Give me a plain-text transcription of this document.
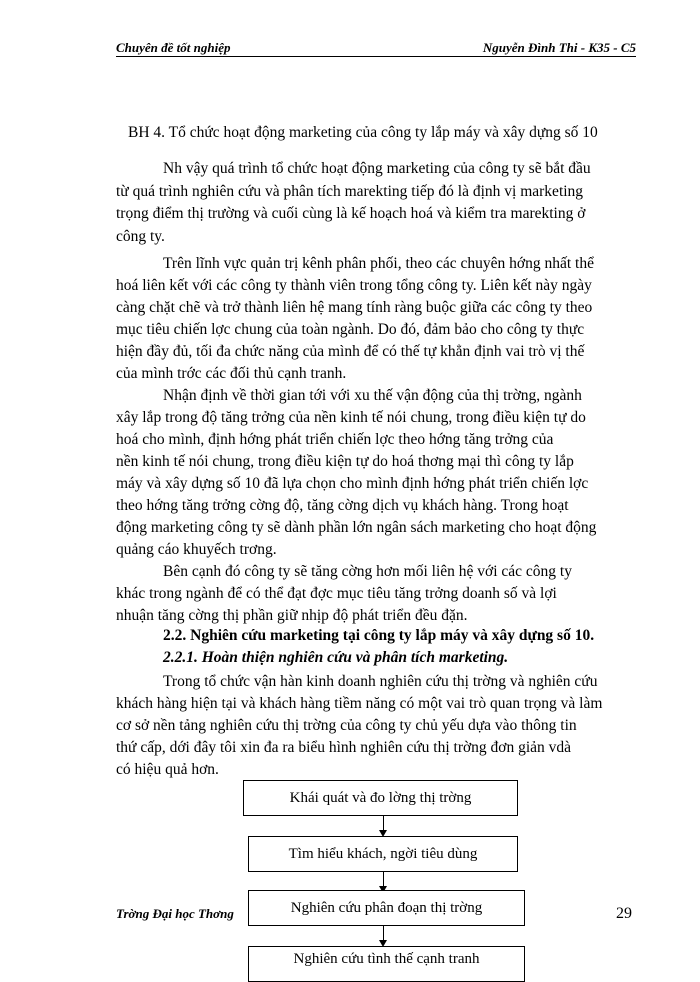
Chuyên đề tốt nghiệp	Nguyễn Đình Thi - K35 - C5
BH 4. Tổ chức hoạt động marketing của công ty lắp máy và xây dựng số 10
Nh vậy quá trình tổ chức hoạt động marketing của công ty sẽ bắt đầu
từ quá trình nghiên cứu và phân tích marekting tiếp đó là định vị marketing
trọng điểm thị trường và cuối cùng là kế hoạch hoá và kiểm tra marekting ở
công ty.
Trên lĩnh vực quản trị kênh phân phối, theo các chuyên hớng nhất thể
hoá liên kết với các công ty thành viên trong tổng công ty. Liên kết này ngày
càng chặt chẽ và trở thành liên hệ mang tính ràng buộc giữa các công ty theo
mục tiêu chiến lợc chung của toàn ngành. Do đó, đảm bảo cho công ty thực
hiện đầy đủ, tối đa chức năng của mình để có thế tự khẳn định vai trò vị thế
của mình trớc các đối thủ cạnh tranh.
Nhận định về thời gian tới với xu thế vận động của thị trờng, ngành
xây lắp trong độ tăng trởng của nền kinh tế nói chung, trong điều kiện tự do
hoá cho mình, định hớng phát triển chiến lợc theo hớng tăng trởng của
nền kinh tế nói chung, trong điều kiện tự do hoá thơng mại thì công ty lắp
máy và xây dựng số 10 đã lựa chọn cho mình định hớng phát triển chiến lợc
theo hớng tăng trởng cờng độ, tăng cờng dịch vụ khách hàng. Trong hoạt
động marketing công ty sẽ dành phần lớn ngân sách marketing cho hoạt động
quảng cáo khuyếch trơng.
Bên cạnh đó công ty sẽ tăng cờng hơn mối liên hệ với các công ty
khác trong ngành để có thể đạt đợc mục tiêu tăng trởng doanh số và lợi
nhuận tăng cờng thị phần giữ nhịp độ phát triển đều đặn.
2.2. Nghiên cứu marketing tại công ty lắp máy và xây dựng số 10.
2.2.1. Hoàn thiện nghiên cứu và phân tích marketing.
Trong tổ chức vận hàn kinh doanh nghiên cứu thị trờng và nghiên cứu
khách hàng hiện tại và khách hàng tiềm năng có một vai trò quan trọng và làm
cơ sở nền tảng nghiên cứu thị trờng của công ty chủ yếu dựa vào thông tin
thứ cấp, dới đây tôi xin đa ra biểu hình nghiên cứu thị trờng đơn giản vdà
có hiệu quả hơn.
Khái quát và đo lờng thị trờng
Tìm hiểu khách, ngời tiêu dùng
Nghiên cứu phân đoạn thị trờng
Nghiên cứu tình thế cạnh tranh
Trờng Đại học Thơng	29
